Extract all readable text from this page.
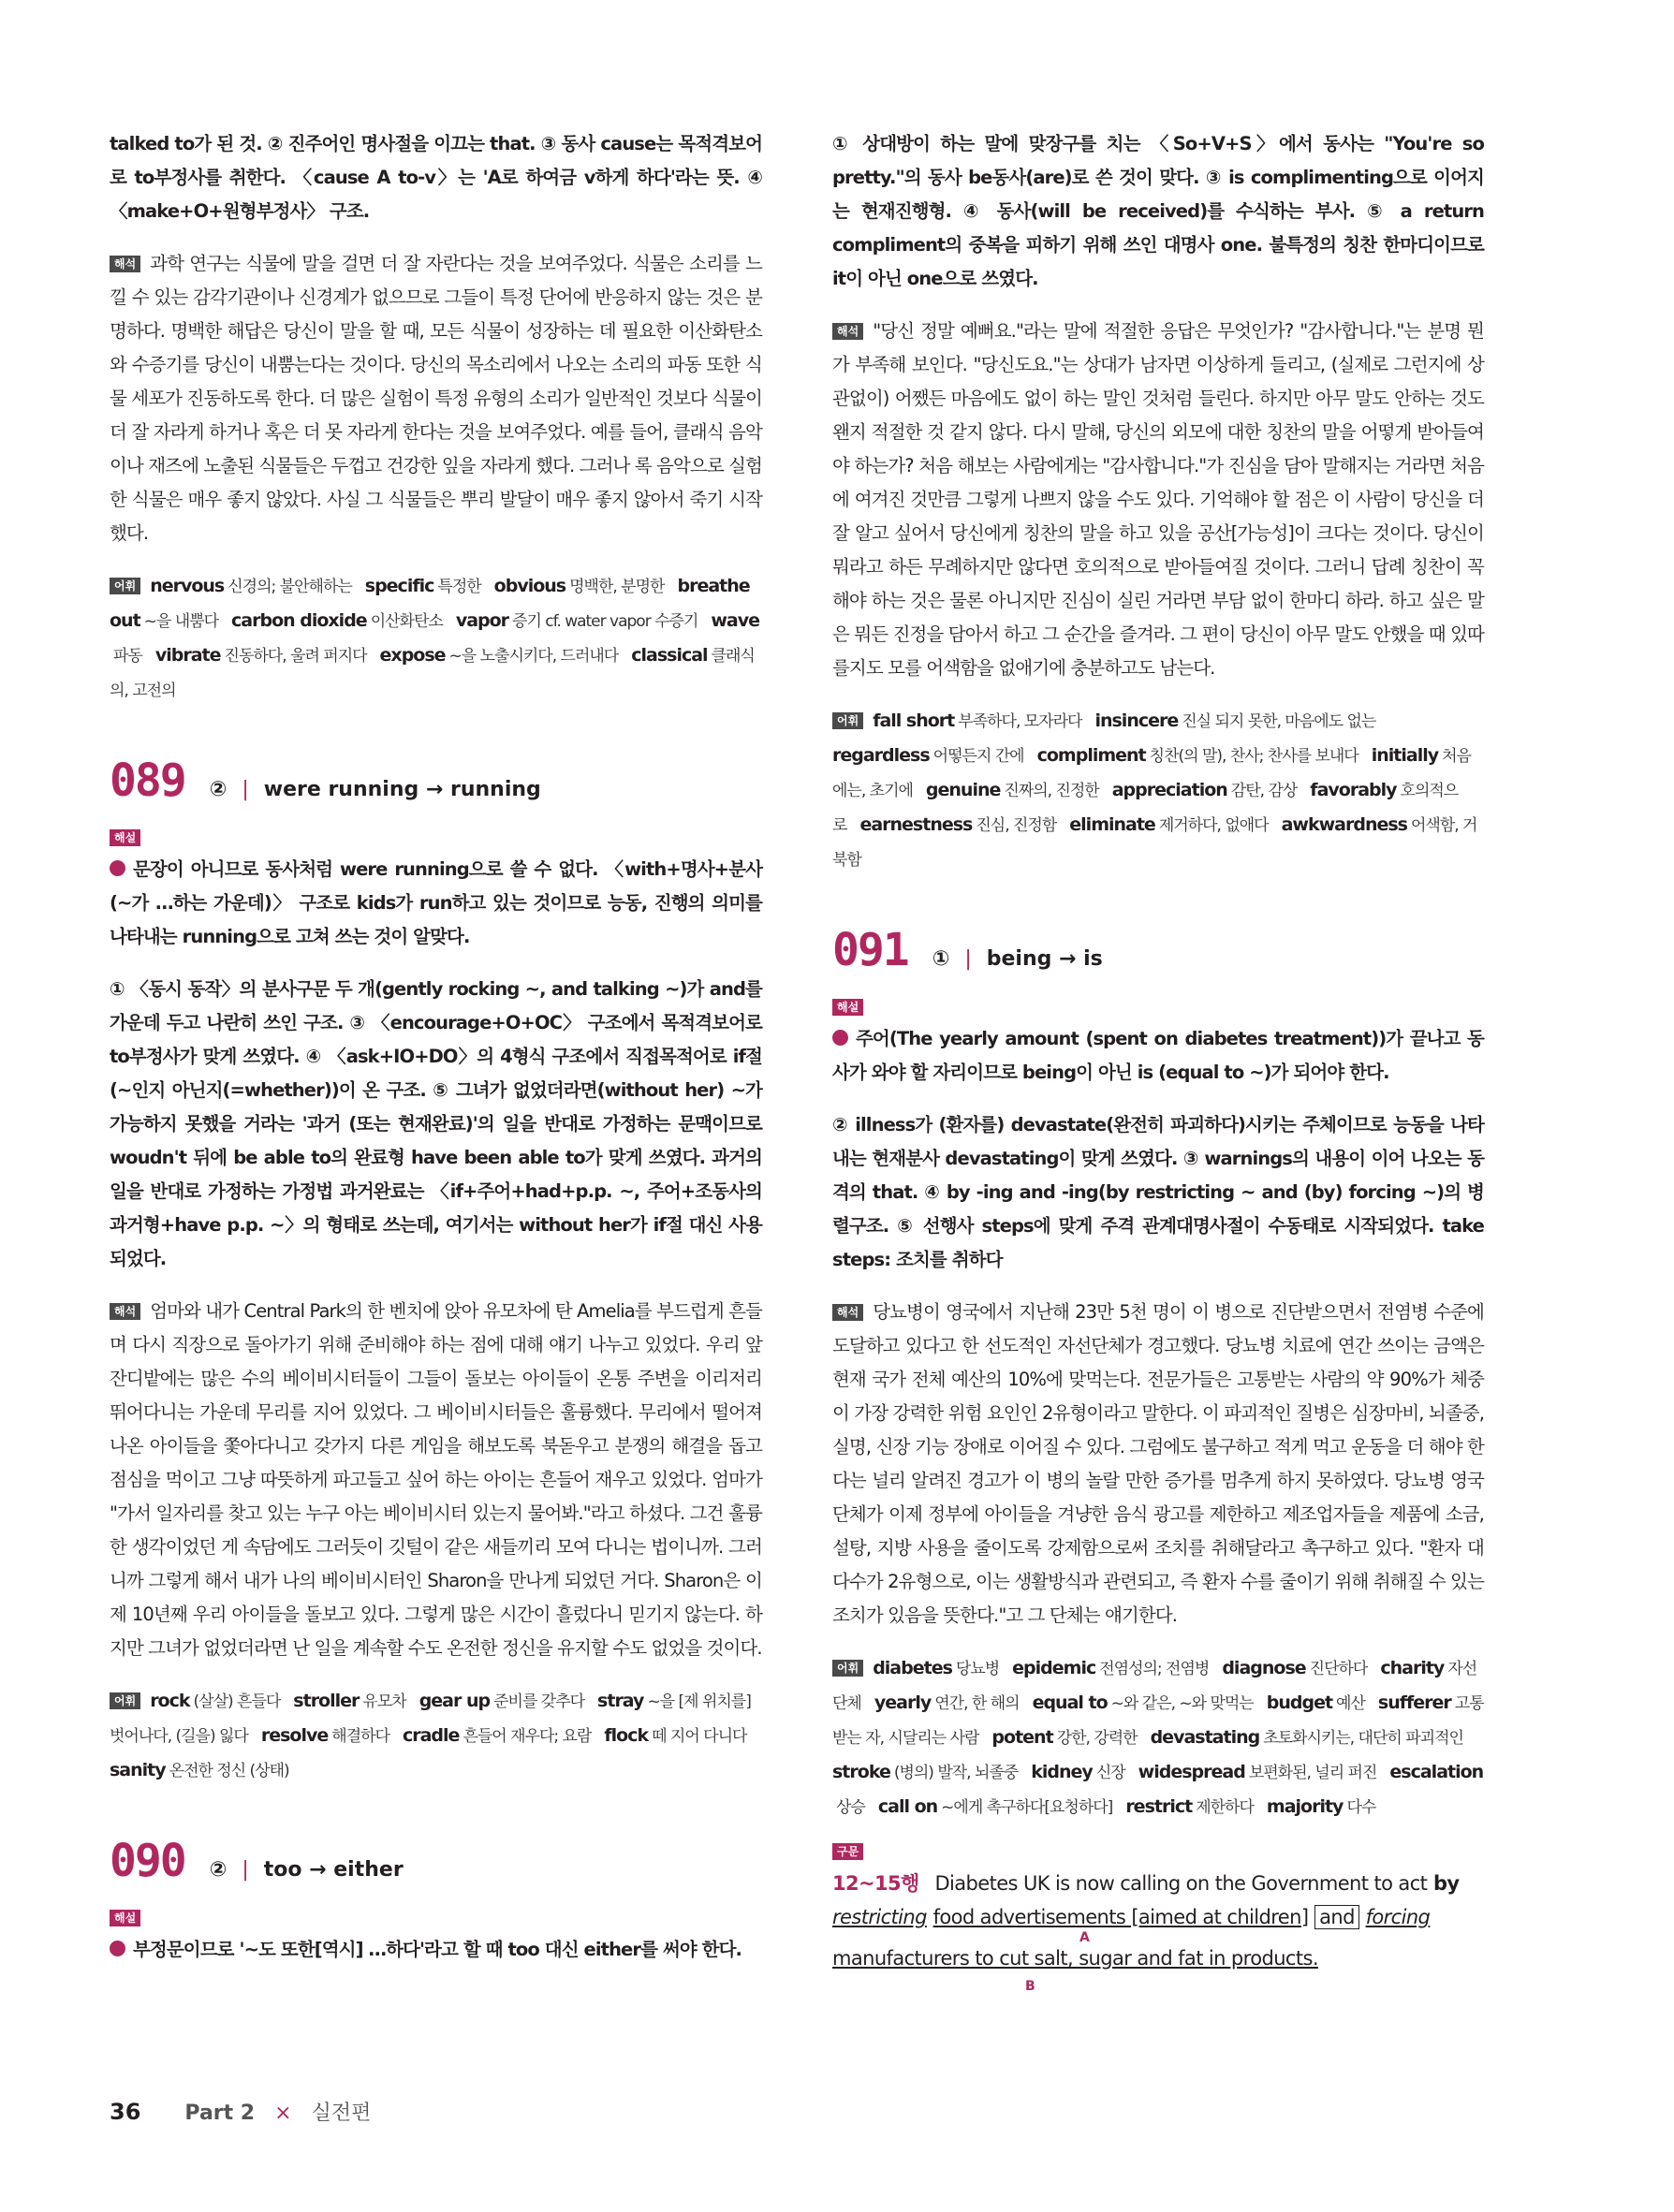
talked to가 된 것. ② 진주어인 명사절을 이끄는 that. ③ 동사 cause는 목적격보어로 to부정사를 취한다. 〈cause A to-v〉는 'A로 하여금 v하게 하다'라는 뜻. ④ 〈make+O+원형부정사〉 구조.

해석 과학 연구는 식물에 말을 걸면 더 잘 자란다는 것을 보여주었다. 식물은 소리를 느낄 수 있는 감각기관이나 신경계가 없으므로 그들이 특정 단어에 반응하지 않는 것은 분명하다. 명백한 해답은 당신이 말을 할 때, 모든 식물이 성장하는 데 필요한 이산화탄소와 수증기를 당신이 내뿜는다는 것이다. 당신의 목소리에서 나오는 소리의 파동 또한 식물 세포가 진동하도록 한다. 더 많은 실험이 특정 유형의 소리가 일반적인 것보다 식물이 더 잘 자라게 하거나 혹은 더 못 자라게 한다는 것을 보여주었다. 예를 들어, 클래식 음악이나 재즈에 노출된 식물들은 두껍고 건강한 잎을 자라게 했다. 그러나 록 음악으로 실험한 식물은 매우 좋지 않았다. 사실 그 식물들은 뿌리 발달이 매우 좋지 않아서 죽기 시작했다.

어휘 nervous 신경의; 불안해하는 specific 특정한 obvious 명백한, 분명한 breathe out ~을 내뿜다 carbon dioxide 이산화탄소 vapor 증기 cf. water vapor 수증기 wave파동 vibrate 진동하다, 울려 퍼지다 expose ~을 노출시키다, 드러내다 classical 클래식의, 고전의
089 ② | were running → running
해설

문장이 아니므로 동사처럼 were running으로 쓸 수 없다. 〈with+명사+분사(~가 …하는 가운데)〉 구조로 kids가 run하고 있는 것이므로 능동, 진행의 의미를 나타내는 running으로 고쳐 쓰는 것이 알맞다.

① 〈동시 동작〉의 분사구문 두 개(gently rocking ~, and talking ~)가 and를 가운데 두고 나란히 쓰인 구조. ③ 〈encourage+O+OC〉 구조에서 목적격보어로 to부정사가 맞게 쓰였다. ④ 〈ask+IO+DO〉의 4형식 구조에서 직접목적어로 if절(~인지 아닌지(=whether))이 온 구조. ⑤ 그녀가 없었더라면(without her) ~가 가능하지 못했을 거라는 '과거 (또는 현재완료)'의 일을 반대로 가정하는 문맥이므로 woudn't 뒤에 be able to의 완료형 have been able to가 맞게 쓰였다. 과거의 일을 반대로 가정하는 가정법 과거완료는 〈if+주어+had+p.p. ~, 주어+조동사의 과거형+have p.p. ~〉의 형태로 쓰는데, 여기서는 without her가 if절 대신 사용되었다.

해석 엄마와 내가 Central Park의 한 벤치에 앉아 유모차에 탄 Amelia를 부드럽게 흔들며 다시 직장으로 돌아가기 위해 준비해야 하는 점에 대해 얘기 나누고 있었다. 우리 앞 잔디밭에는 많은 수의 베이비시터들이 그들이 돌보는 아이들이 온통 주변을 이리저리 뛰어다니는 가운데 무리를 지어 있었다. 그 베이비시터들은 훌륭했다. 무리에서 떨어져 나온 아이들을 쫓아다니고 갖가지 다른 게임을 해보도록 북돋우고 분쟁의 해결을 돕고 점심을 먹이고 그냥 따뜻하게 파고들고 싶어 하는 아이는 흔들어 재우고 있었다. 엄마가 "가서 일자리를 찾고 있는 누구 아는 베이비시터 있는지 물어봐."라고 하셨다. 그건 훌륭한 생각이었던 게 속담에도 그러듯이 깃털이 같은 새들끼리 모여 다니는 법이니까. 그러니까 그렇게 해서 내가 나의 베이비시터인 Sharon을 만나게 되었던 거다. Sharon은 이제 10년째 우리 아이들을 돌보고 있다. 그렇게 많은 시간이 흘렀다니 믿기지 않는다. 하지만 그녀가 없었더라면 난 일을 계속할 수도 온전한 정신을 유지할 수도 없었을 것이다.

어휘 rock (살살) 흔들다 stroller 유모차 gear up 준비를 갖추다 stray ~을 [제 위치를] 벗어나다, (길을) 잃다 resolve 해결하다 cradle 흔들어 재우다; 요람 flock 떼 지어 다니다sanity 온전한 정신 (상태)
090 ② | too → either
해설

부정문이므로 '~도 또한[역시] …하다'라고 할 때 too 대신 either를 써야 한다.

① 상대방이 하는 말에 맞장구를 치는 〈So+V+S〉에서 동사는 "You're so pretty."의 동사 be동사(are)로 쓴 것이 맞다. ③ is complimenting으로 이어지는 현재진행형. ④ 동사(will be received)를 수식하는 부사. ⑤ a return compliment의 중복을 피하기 위해 쓰인 대명사 one. 불특정의 칭찬 한마디이므로 it이 아닌 one으로 쓰였다.

해석 "당신 정말 예뻐요."라는 말에 적절한 응답은 무엇인가? "감사합니다."는 분명 뭔가 부족해 보인다. "당신도요."는 상대가 남자면 이상하게 들리고, (실제로 그런지에 상관없이) 어쨌든 마음에도 없이 하는 말인 것처럼 들린다. 하지만 아무 말도 안하는 것도 왠지 적절한 것 같지 않다. 다시 말해, 당신의 외모에 대한 칭찬의 말을 어떻게 받아들여야 하는가? 처음 해보는 사람에게는 "감사합니다."가 진심을 담아 말해지는 거라면 처음에 여겨진 것만큼 그렇게 나쁘지 않을 수도 있다. 기억해야 할 점은 이 사람이 당신을 더 잘 알고 싶어서 당신에게 칭찬의 말을 하고 있을 공산[가능성]이 크다는 것이다. 당신이 뭐라고 하든 무례하지만 않다면 호의적으로 받아들여질 것이다. 그러니 답례 칭찬이 꼭 해야 하는 것은 물론 아니지만 진심이 실린 거라면 부담 없이 한마디 하라. 하고 싶은 말은 뭐든 진정을 담아서 하고 그 순간을 즐겨라. 그 편이 당신이 아무 말도 안했을 때 있따를지도 모를 어색함을 없애기에 충분하고도 남는다.

어휘 fall short 부족하다, 모자라다 insincere 진실 되지 못한, 마음에도 없는regardless 어떻든지 간에 compliment 칭찬(의 말), 찬사; 찬사를 보내다 initially 처음에는, 초기에 genuine 진짜의, 진정한 appreciation 감탄, 감상 favorably 호의적으로 earnestness 진심, 진정함 eliminate 제거하다, 없애다 awkwardness 어색함, 거북함
091 ① | being → is
해설

주어(The yearly amount (spent on diabetes treatment))가 끝나고 동사가 와야 할 자리이므로 being이 아닌 is (equal to ~)가 되어야 한다.

② illness가 (환자를) devastate(완전히 파괴하다)시키는 주체이므로 능동을 나타내는 현재분사 devastating이 맞게 쓰였다. ③ warnings의 내용이 이어 나오는 동격의 that. ④ by -ing and -ing(by restricting ~ and (by) forcing ~)의 병렬구조. ⑤ 선행사 steps에 맞게 주격 관계대명사절이 수동태로 시작되었다. take steps: 조치를 취하다

해석 당뇨병이 영국에서 지난해 23만 5천 명이 이 병으로 진단받으면서 전염병 수준에 도달하고 있다고 한 선도적인 자선단체가 경고했다. 당뇨병 치료에 연간 쓰이는 금액은 현재 국가 전체 예산의 10%에 맞먹는다. 전문가들은 고통받는 사람의 약 90%가 체중이 가장 강력한 위험 요인인 2유형이라고 말한다. 이 파괴적인 질병은 심장마비, 뇌졸중, 실명, 신장 기능 장애로 이어질 수 있다. 그럼에도 불구하고 적게 먹고 운동을 더 해야 한다는 널리 알려진 경고가 이 병의 놀랄 만한 증가를 멈추게 하지 못하였다. 당뇨병 영국 단체가 이제 정부에 아이들을 겨냥한 음식 광고를 제한하고 제조업자들을 제품에 소금, 설탕, 지방 사용을 줄이도록 강제함으로써 조치를 취해달라고 촉구하고 있다. "환자 대다수가 2유형으로, 이는 생활방식과 관련되고, 즉 환자 수를 줄이기 위해 취해질 수 있는 조치가 있음을 뜻한다."고 그 단체는 얘기한다.

어휘 diabetes 당뇨병 epidemic 전염성의; 전염병 diagnose 진단하다 charity 자선단체 yearly 연간, 한 해의 equal to ~와 같은, ~와 맞먹는 budget 예산 sufferer 고통받는 자, 시달리는 사람 potent 강한, 강력한 devastating 초토화시키는, 대단히 파괴적인stroke (병의) 발작, 뇌졸중 kidney 신장 widespread 보편화된, 널리 퍼진 escalation상승 call on ~에게 촉구하다[요청하다] restrict 제한하다 majority 다수
구문
12~15행 Diabetes UK is now calling on the Government to act by
restricting food advertisements [aimed at children] and forcing

A
manufacturers to cut salt, sugar and fat in products.
B
36 Part 2 × 실전편
